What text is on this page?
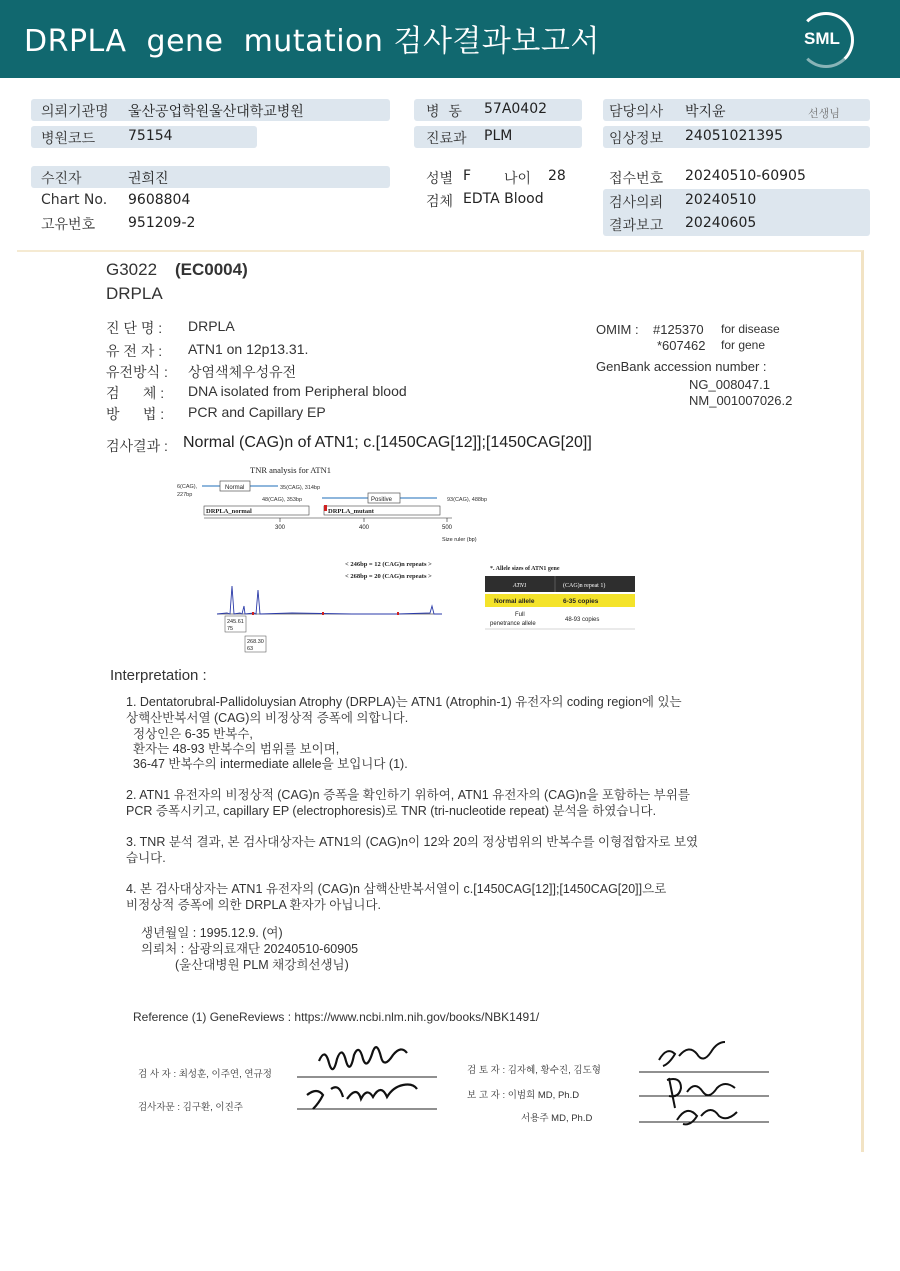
DRPLA  gene  mutation 검사결과보고서	SML
의뢰기관명 울산공업학원울산대학교병원
병원코드 75154
병  동 57A0402
진료과 PLM
담당의사 박지윤	선생님
임상정보 24051021395
수진자	권희진
Chart No. 9608804
고유번호 951209-2
성별 F 나이 28
검체 EDTA Blood
접수번호 20240510-60905
검사의뢰 20240510
결과보고 20240605
G3022 (EC0004)
DRPLA
진 단 명 : DRPLA
유 전 자 : ATN1 on 12p13.31.
유전방식 : 상염색체우성유전
검      체 : DNA isolated from Peripheral blood
방      법 : PCR and Capillary EP
OMIM : #125370 for disease
*607462 for gene
GenBank accession number :
NG_008047.1
NM_001007026.2
검사결과 : Normal (CAG)n of ATN1; c.[1450CAG[12]];[1450CAG[20]]
TNR analysis for ATN1
6(CAG),
227bp
Normal	35(CAG), 314bp
48(CAG), 353bp	Positive	93(CAG), 488bp
DRPLA_normal	DRPLA_mutant
300	400	500
Size ruler (bp)
< 246bp = 12 (CAG)n repeats >
< 268bp = 20 (CAG)n repeats >
245.61
75
268.30
63
*. Allele sizes of ATN1 gene
ATN1	(CAG)n repeat 1)
Normal allele	6-35 copies
Full
penetrance allele
48-93 copies
Interpretation :
1. Dentatorubral-Pallidoluysian Atrophy (DRPLA)는 ATN1 (Atrophin-1) 유전자의 coding region에 있는
상핵산반복서열 (CAG)의 비정상적 증폭에 의합니다.
정상인은 6-35 반복수,
환자는 48-93 반복수의 범위를 보이며,
36-47 반복수의 intermediate allele을 보입니다 (1).
2. ATN1 유전자의 비정상적 (CAG)n 증폭을 확인하기 위하여, ATN1 유전자의 (CAG)n을 포함하는 부위를
PCR 증폭시키고, capillary EP (electrophoresis)로 TNR (tri-nucleotide repeat) 분석을 하였습니다.
3. TNR 분석 결과, 본 검사대상자는 ATN1의 (CAG)n이 12와 20의 정상범위의 반복수를 이형접합자로 보였
습니다.
4. 본 검사대상자는 ATN1 유전자의 (CAG)n 삼핵산반복서열이 c.[1450CAG[12]];[1450CAG[20]]으로
비정상적 증폭에 의한 DRPLA 환자가 아닙니다.
생년월일 : 1995.12.9. (여)
의뢰처 : 삼광의료재단 20240510-60905
(울산대병원 PLM 채강희선생님)
Reference (1) GeneReviews : https://www.ncbi.nlm.nih.gov/books/NBK1491/
검 사 자 : 최성훈, 이주연, 연규정
검사자문 : 김구환, 이진주
검 토 자 : 김자혜, 황수진, 김도형
보 고 자 : 이범희 MD, Ph.D
서용주 MD, Ph.D
